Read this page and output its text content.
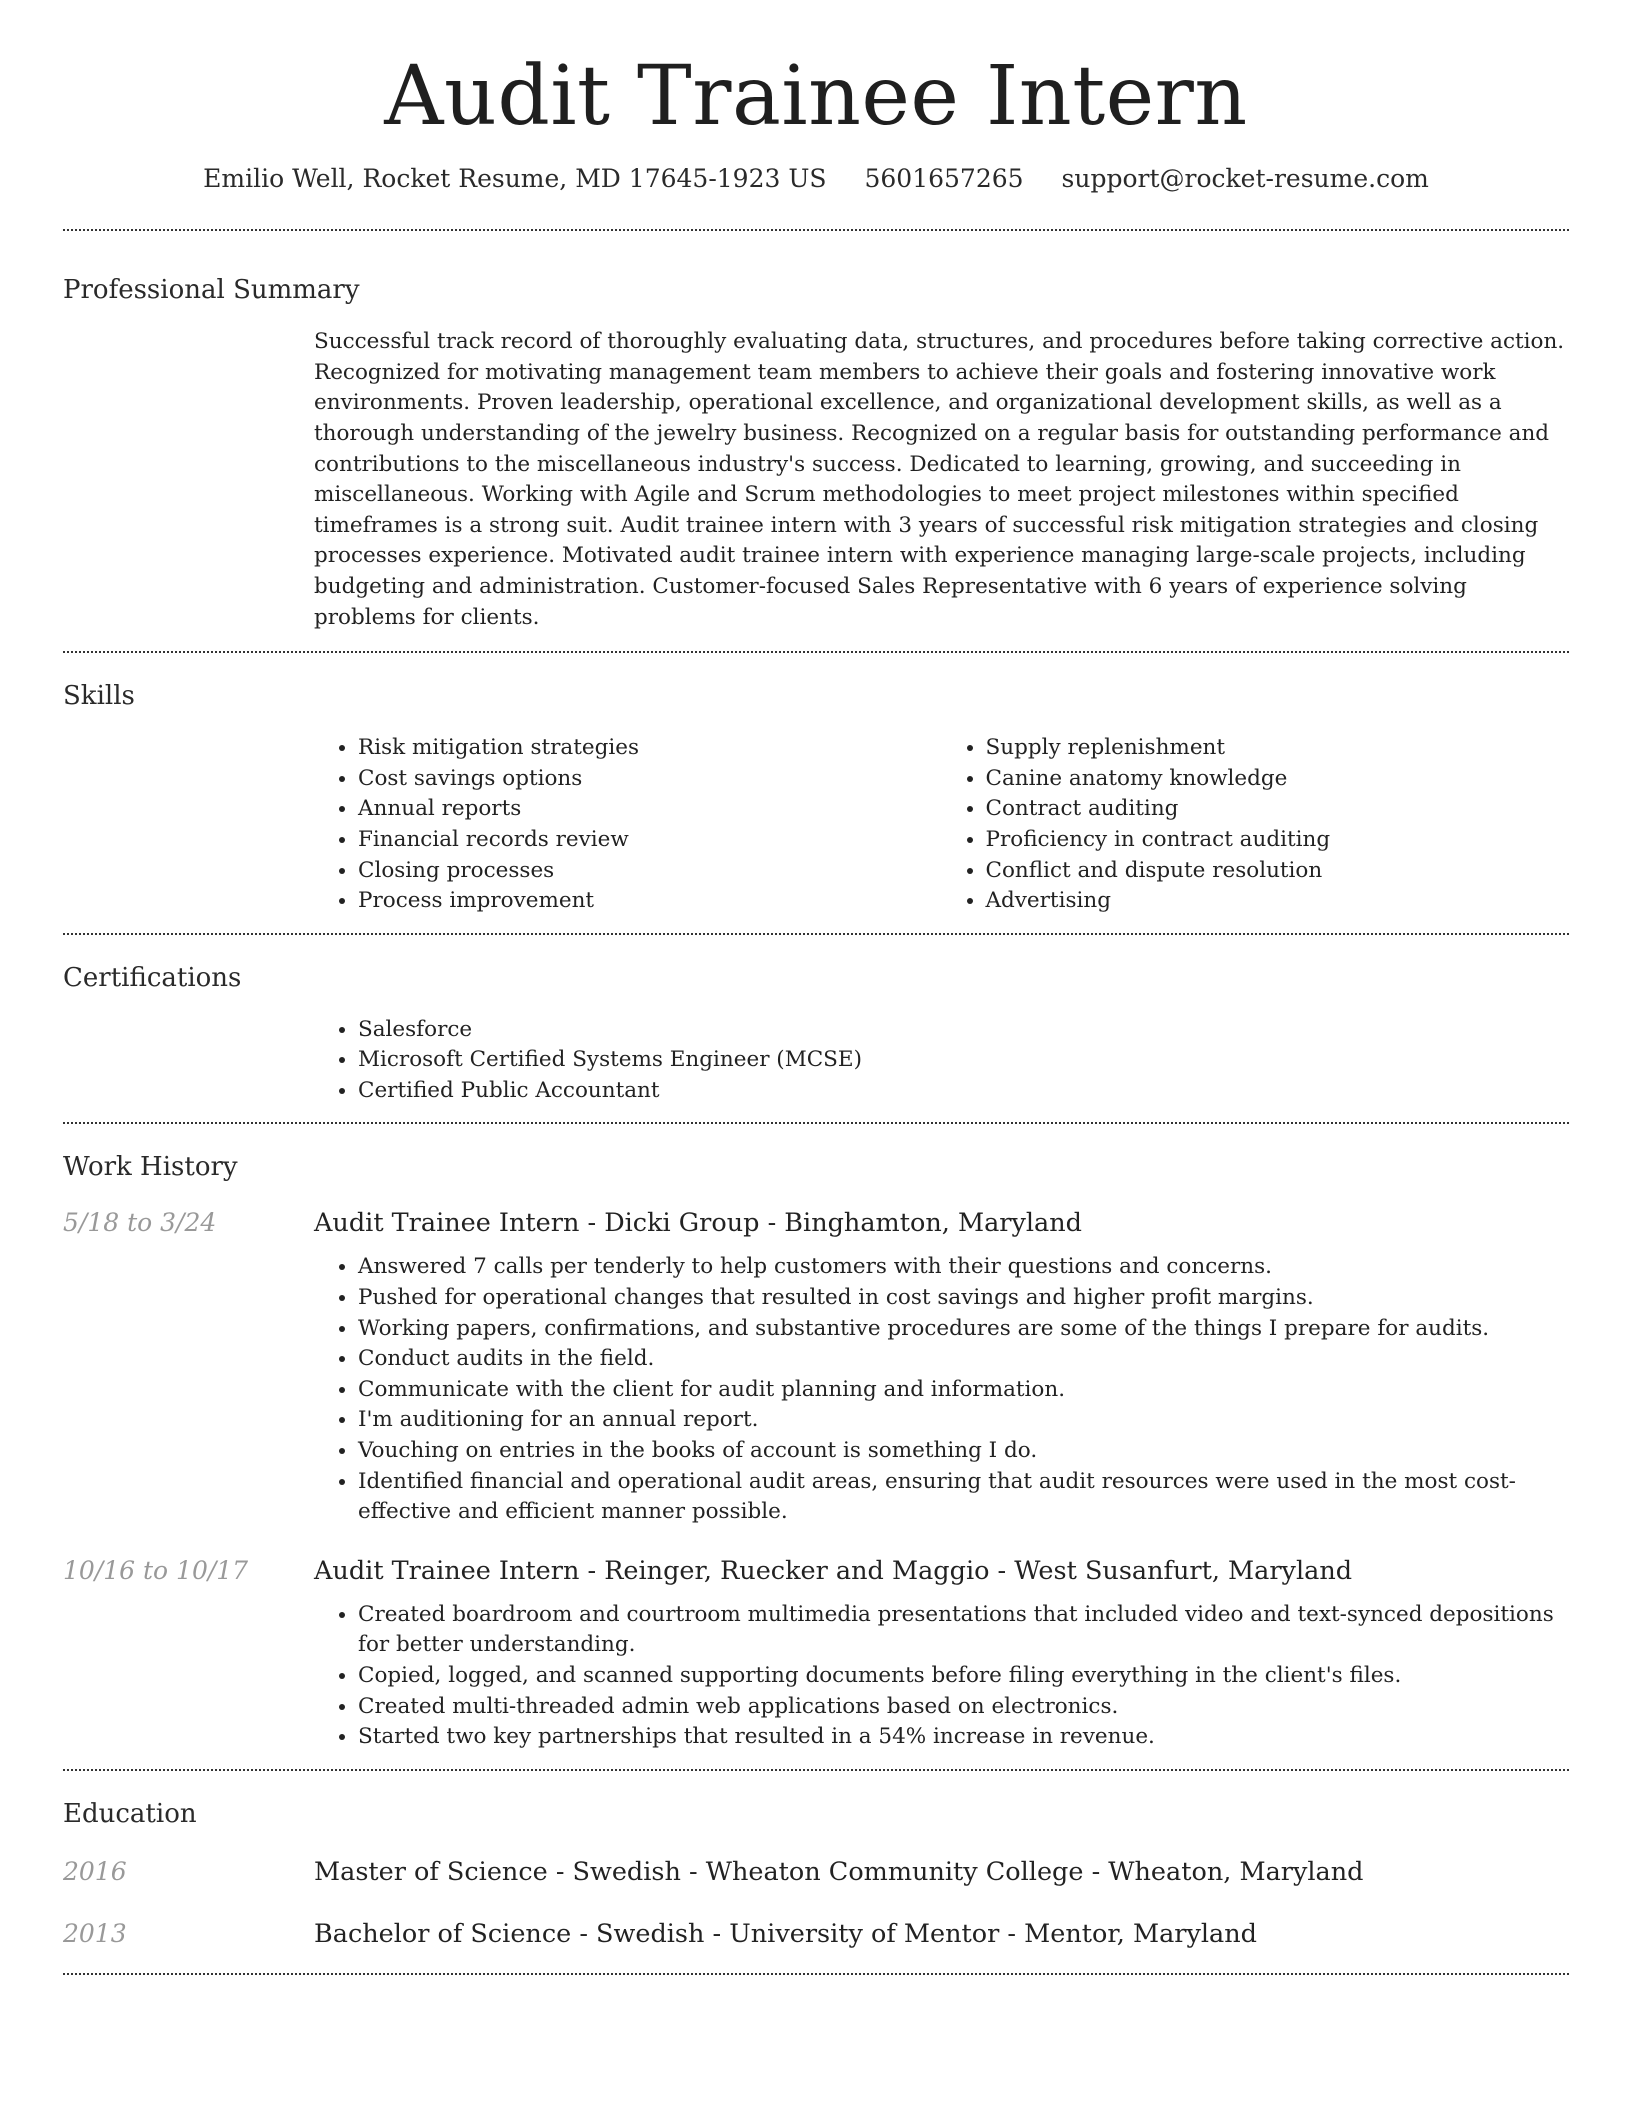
Audit Trainee Intern
Emilio Well, Rocket Resume, MD 17645-1923 US 5601657265 support@rocket-resume.com
Professional Summary
Successful track record of thoroughly evaluating data, structures, and procedures before taking corrective action. Recognized for motivating management team members to achieve their goals and fostering innovative work environments. Proven leadership, operational excellence, and organizational development skills, as well as a thorough understanding of the jewelry business. Recognized on a regular basis for outstanding performance and contributions to the miscellaneous industry's success. Dedicated to learning, growing, and succeeding in miscellaneous. Working with Agile and Scrum methodologies to meet project milestones within specified timeframes is a strong suit. Audit trainee intern with 3 years of successful risk mitigation strategies and closing processes experience. Motivated audit trainee intern with experience managing large-scale projects, including budgeting and administration. Customer-focused Sales Representative with 6 years of experience solving problems for clients.
Skills
• Risk mitigation strategies
• Cost savings options
• Annual reports
• Financial records review
• Closing processes
• Process improvement
• Supply replenishment
• Canine anatomy knowledge
• Contract auditing
• Proficiency in contract auditing
• Conflict and dispute resolution
• Advertising
Certifications
• Salesforce
• Microsoft Certified Systems Engineer (MCSE)
• Certified Public Accountant
Work History
5/18 to 3/24	Audit Trainee Intern - Dicki Group - Binghamton, Maryland
• Answered 7 calls per tenderly to help customers with their questions and concerns.
• Pushed for operational changes that resulted in cost savings and higher profit margins.
• Working papers, confirmations, and substantive procedures are some of the things I prepare for audits.
• Conduct audits in the field.
• Communicate with the client for audit planning and information.
• I'm auditioning for an annual report.
• Vouching on entries in the books of account is something I do.
• Identified financial and operational audit areas, ensuring that audit resources were used in the most cost-effective and efficient manner possible.
10/16 to 10/17	Audit Trainee Intern - Reinger, Ruecker and Maggio - West Susanfurt, Maryland
• Created boardroom and courtroom multimedia presentations that included video and text-synced depositions for better understanding.
• Copied, logged, and scanned supporting documents before filing everything in the client's files.
• Created multi-threaded admin web applications based on electronics.
• Started two key partnerships that resulted in a 54% increase in revenue.
Education
2016	Master of Science - Swedish - Wheaton Community College - Wheaton, Maryland
2013	Bachelor of Science - Swedish - University of Mentor - Mentor, Maryland
